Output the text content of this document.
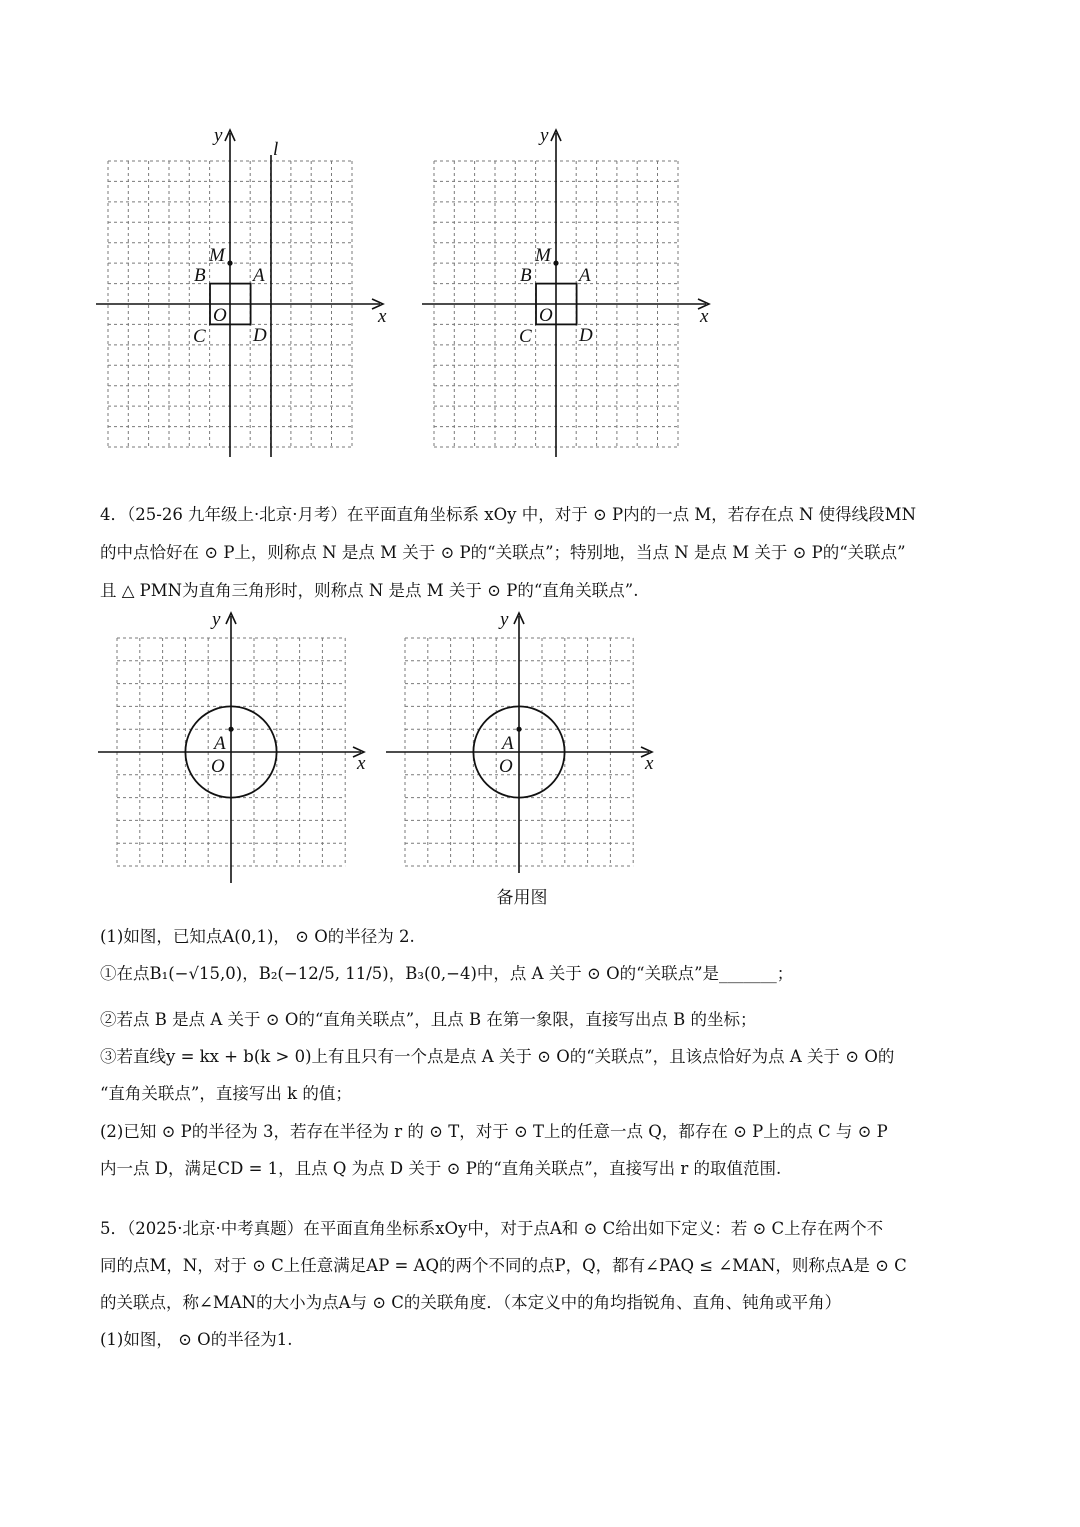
y
x
l
M
B A
O
C D
y
x
M
B A
O
C D
4．（25-26 九年级上·北京·月考）在平面直角坐标系 xOy 中，对于 ⊙ P内的一点 M，若存在点 N 使得线段MN
的中点恰好在 ⊙ P上，则称点 N 是点 M 关于 ⊙ P的“关联点”；特别地，当点 N 是点 M 关于 ⊙ P的“关联点”
且 △ PMN为直角三角形时，则称点 N 是点 M 关于 ⊙ P的“直角关联点”.
y
x
A
O
y
x
A
O
备用图
(1)如图，已知点A(0,1)， ⊙ O的半径为 2.
①在点B₁(−√15,0)，B₂(−12/5, 11/5)，B₃(0,−4)中，点 A 关于 ⊙ O的“关联点”是_______；
②若点 B 是点 A 关于 ⊙ O的“直角关联点”，且点 B 在第一象限，直接写出点 B 的坐标；
③若直线y = kx + b(k > 0)上有且只有一个点是点 A 关于 ⊙ O的“关联点”，且该点恰好为点 A 关于 ⊙ O的
“直角关联点”，直接写出 k 的值；
(2)已知 ⊙ P的半径为 3，若存在半径为 r 的 ⊙ T，对于 ⊙ T上的任意一点 Q，都存在 ⊙ P上的点 C 与 ⊙ P
内一点 D，满足CD = 1，且点 Q 为点 D 关于 ⊙ P的“直角关联点”，直接写出 r 的取值范围.
5．（2025·北京·中考真题）在平面直角坐标系xOy中，对于点A和 ⊙ C给出如下定义：若 ⊙ C上存在两个不
同的点M，N，对于 ⊙ C上任意满足AP = AQ的两个不同的点P，Q，都有∠PAQ ≤ ∠MAN，则称点A是 ⊙ C
的关联点，称∠MAN的大小为点A与 ⊙ C的关联角度．（本定义中的角均指锐角、直角、钝角或平角）
(1)如图， ⊙ O的半径为1.
